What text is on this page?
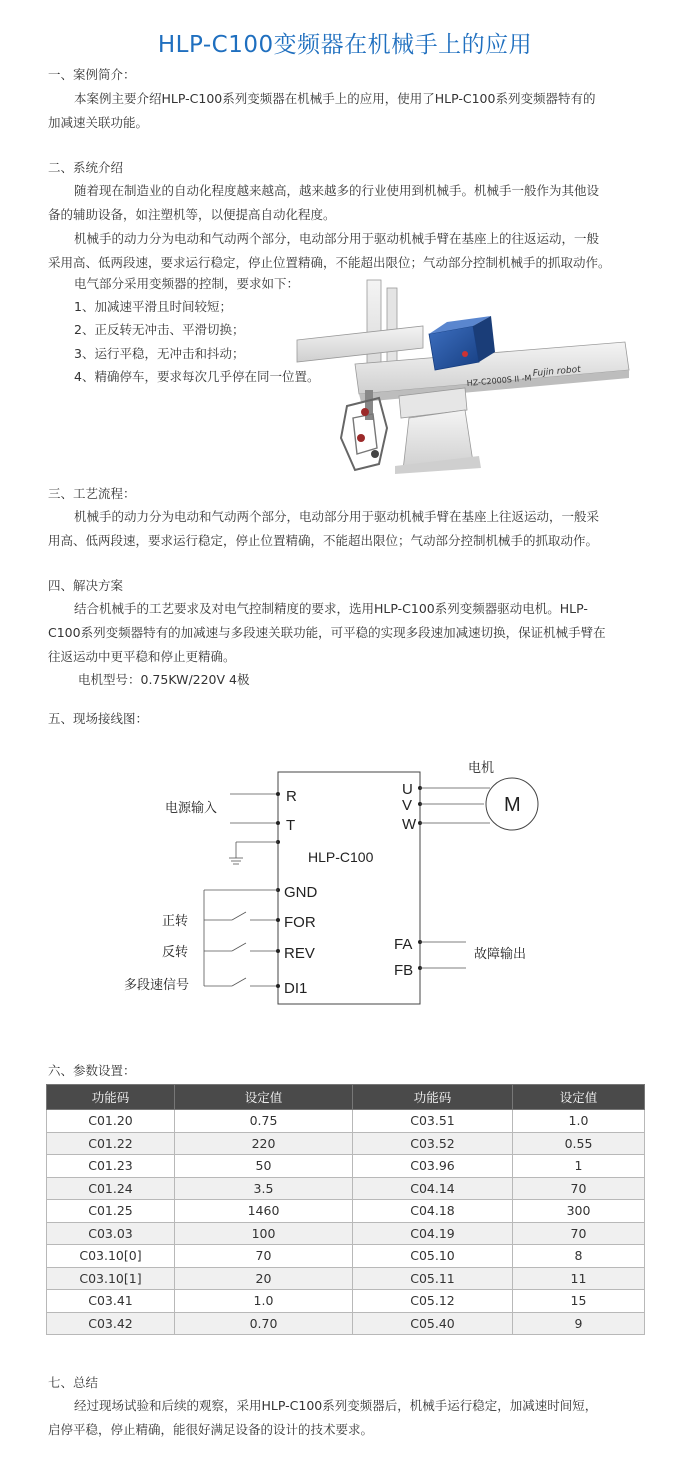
HLP-C100变频器在机械手上的应用
一、案例简介：
本案例主要介绍HLP-C100系列变频器在机械手上的应用，使用了HLP-C100系列变频器特有的
加减速关联功能。
二、系统介绍
随着现在制造业的自动化程度越来越高，越来越多的行业使用到机械手。机械手一般作为其他设
备的辅助设备，如注塑机等，以便提高自动化程度。
机械手的动力分为电动和气动两个部分，电动部分用于驱动机械手臂在基座上的往返运动，一般
采用高、低两段速，要求运行稳定，停止位置精确，不能超出限位；气动部分控制机械手的抓取动作。
电气部分采用变频器的控制，要求如下：
1、加减速平滑且时间较短；
2、正反转无冲击、平滑切换；
3、运行平稳，无冲击和抖动；
4、精确停车，要求每次几乎停在同一位置。	HZ-C2000S II -M
Fujin robot
三、工艺流程：
机械手的动力分为电动和气动两个部分，电动部分用于驱动机械手臂在基座上往返运动，一般采
用高、低两段速，要求运行稳定，停止位置精确，不能超出限位；气动部分控制机械手的抓取动作。
四、解决方案
结合机械手的工艺要求及对电气控制精度的要求，选用HLP-C100系列变频器驱动电机。HLP-
C100系列变频器特有的加减速与多段速关联功能，可平稳的实现多段速加减速切换，保证机械手臂在
往返运动中更平稳和停止更精确。
电机型号：0.75KW/220V 4极
五、现场接线图：
HLP-C100
R
T
GND
FOR
REV
DI1
U
V
W
FA
FB
电源输入
正转
反转
多段速信号
M
电机
故障输出
六、参数设置：
功能码	设定值	功能码	设定值
C01.20	0.75	C03.51	1.0
C01.22	220	C03.52	0.55
C01.23	50	C03.96	1
C01.24	3.5	C04.14	70
C01.25	1460	C04.18	300
C03.03	100	C04.19	70
C03.10[0]	70	C05.10	8
C03.10[1]	20	C05.11	11
C03.41	1.0	C05.12	15
C03.42	0.70	C05.40	9
七、总结
经过现场试验和后续的观察，采用HLP-C100系列变频器后，机械手运行稳定，加减速时间短，
启停平稳，停止精确，能很好满足设备的设计的技术要求。
